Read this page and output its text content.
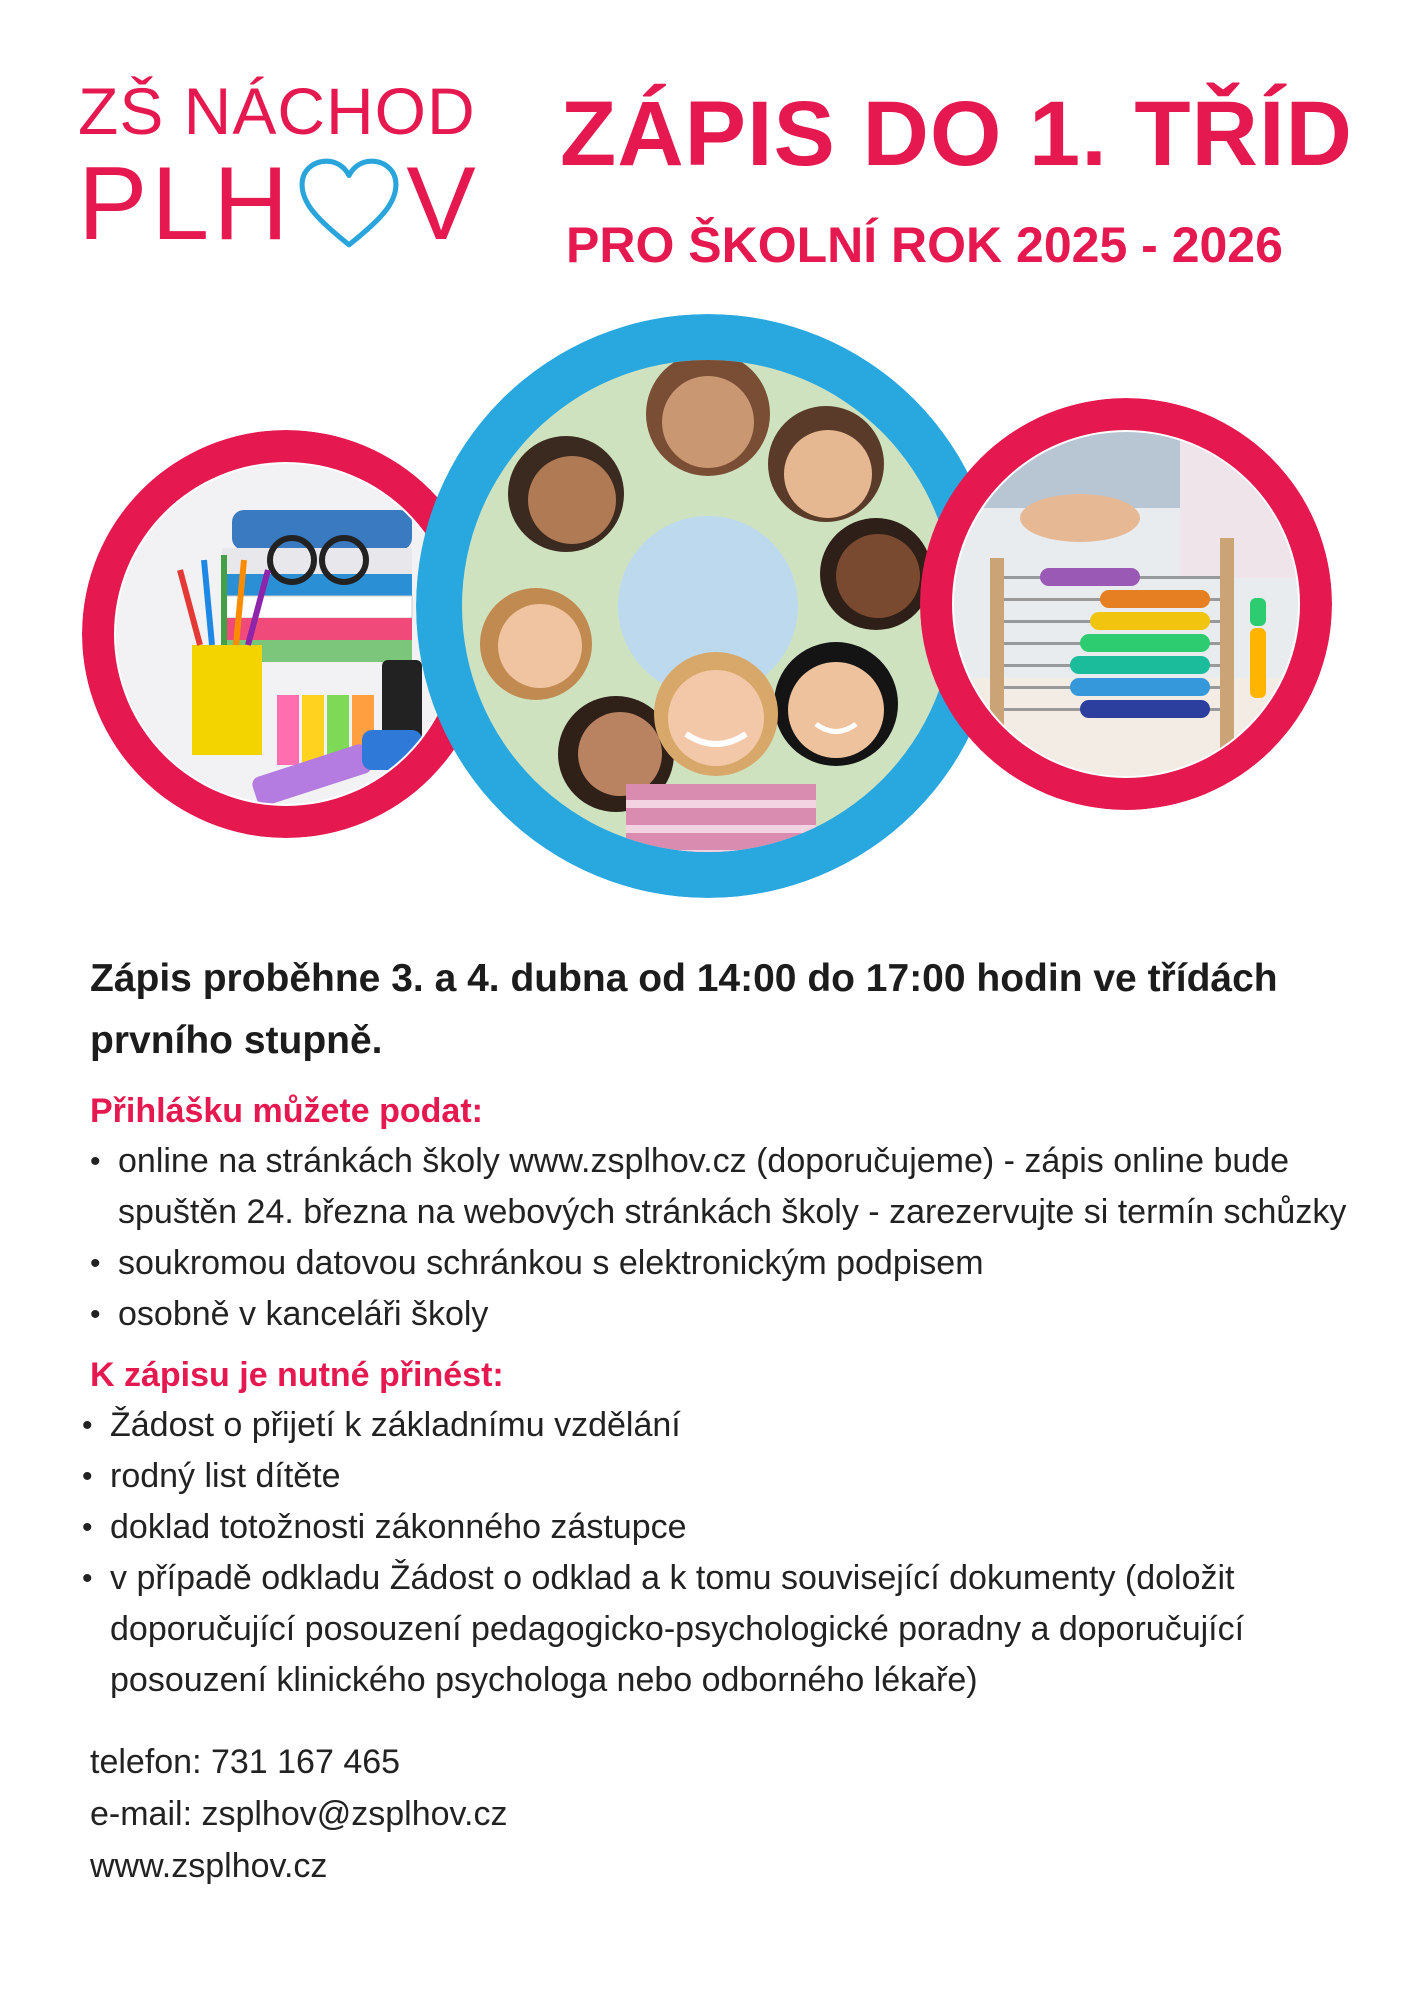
ZŠ NÁCHOD
PLH V
ZÁPIS DO 1. TŘÍD
PRO ŠKOLNÍ ROK 2025 - 2026

Zápis proběhne 3. a 4. dubna od 14:00 do 17:00 hodin ve třídách prvního stupně.

Přihlášku můžete podat:

• online na stránkách školy www.zsplhov.cz (doporučujeme) - zápis online bude spuštěn 24. března na webových stránkách školy - zarezervujte si termín schůzky
• soukromou datovou schránkou s elektronickým podpisem
• osobně v kanceláři školy

K zápisu je nutné přinést:

• Žádost o přijetí k základnímu vzdělání
• rodný list dítěte
• doklad totožnosti zákonného zástupce
• v případě odkladu Žádost o odklad a k tomu související dokumenty (doložit doporučující posouzení pedagogicko-psychologické poradny a doporučující posouzení klinického psychologa nebo odborného lékaře)
telefon: 731 167 465
e-mail: zsplhov@zsplhov.cz
www.zsplhov.cz
